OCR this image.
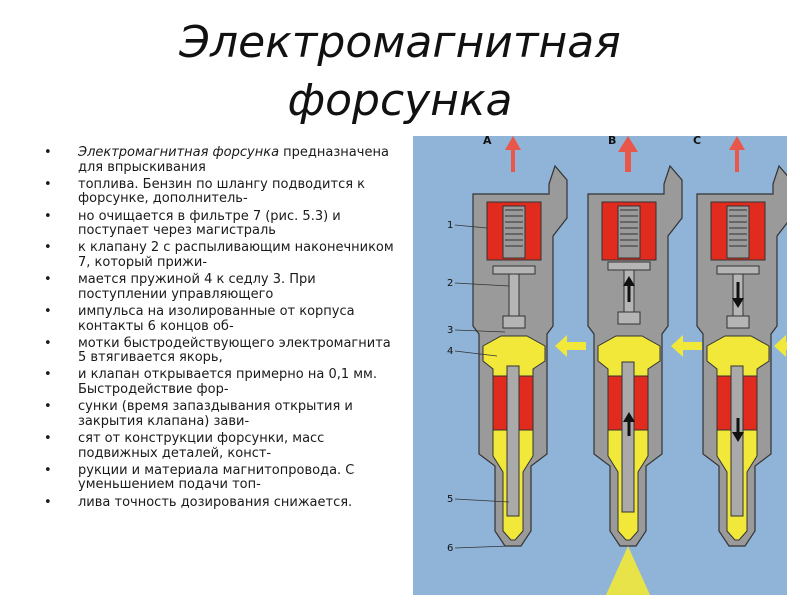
Электромагнитная
форсунка
• Электромагнитная форсунка предназначена для впрыскивания
• топлива. Бензин по шлангу подводится к форсунке, дополнитель-
• но очищается в фильтре 7 (рис. 5.3) и поступает через магистраль
• к клапану 2 с распыливающим наконечником 7, который прижи-
• мается пружиной 4 к седлу 3. При поступлении управляющего
• импульса на изолированные от корпуса контакты 6 концов об-
• мотки быстродействующего электромагнита 5 втягивается якорь,
• и клапан открывается примерно на 0,1 мм. Быстродействие фор-
• сунки (время запаздывания открытия и закрытия клапана) зави-
• сят от конструкции форсунки, масс подвижных деталей, конст-
• рукции и материала магнитопровода. С уменьшением подачи топ-
• лива точность дозирования снижается.
A	B	C
1
2
3
4
5
6
